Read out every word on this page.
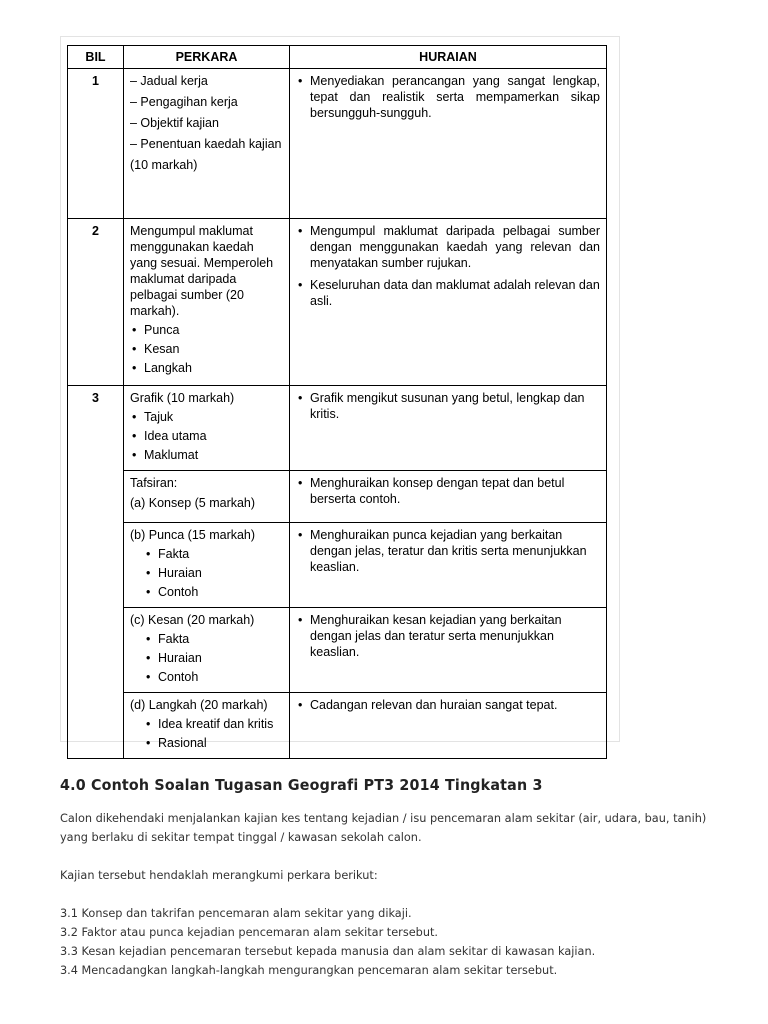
BIL	PERKARA	HURAIAN
1	– Jadual kerja
– Pengagihan kerja
– Objektif kajian
– Penentuan kaedah kajian
(10 markah)	• Menyediakan perancangan yang sangat lengkap, tepat dan realistik serta mempamerkan sikap bersungguh-sungguh.

2	Mengumpul maklumat menggunakan kaedah yang sesuai. Memperoleh maklumat daripada pelbagai sumber (20 markah).
• Punca
• Kesan
• Langkah	• Mengumpul maklumat daripada pelbagai sumber dengan menggunakan kaedah yang relevan dan menyatakan sumber rujukan.
• Keseluruhan data dan maklumat adalah relevan dan asli.

3	Grafik (10 markah)
• Tajuk
• Idea utama
• Maklumat	• Grafik mengikut susunan yang betul, lengkap dan kritis.

	Tafsiran:
(a) Konsep (5 markah)	• Menghuraikan konsep dengan tepat dan betul berserta contoh.

	(b) Punca (15 markah)
• Fakta
• Huraian
• Contoh	• Menghuraikan punca kejadian yang berkaitan dengan jelas, teratur dan kritis serta menunjukkan keaslian.

	(c) Kesan (20 markah)
• Fakta
• Huraian
• Contoh	• Menghuraikan kesan kejadian yang berkaitan dengan jelas dan teratur serta menunjukkan keaslian.

	(d) Langkah (20 markah)
• Idea kreatif dan kritis
• Rasional	• Cadangan relevan dan huraian sangat tepat.
4.0 Contoh Soalan Tugasan Geografi PT3 2014 Tingkatan 3

Calon dikehendaki menjalankan kajian kes tentang kejadian / isu pencemaran alam sekitar (air, udara, bau, tanih) yang berlaku di sekitar tempat tinggal / kawasan sekolah calon.

Kajian tersebut hendaklah merangkumi perkara berikut:

3.1 Konsep dan takrifan pencemaran alam sekitar yang dikaji.
3.2 Faktor atau punca kejadian pencemaran alam sekitar tersebut.
3.3 Kesan kejadian pencemaran tersebut kepada manusia dan alam sekitar di kawasan kajian.
3.4 Mencadangkan langkah-langkah mengurangkan pencemaran alam sekitar tersebut.
